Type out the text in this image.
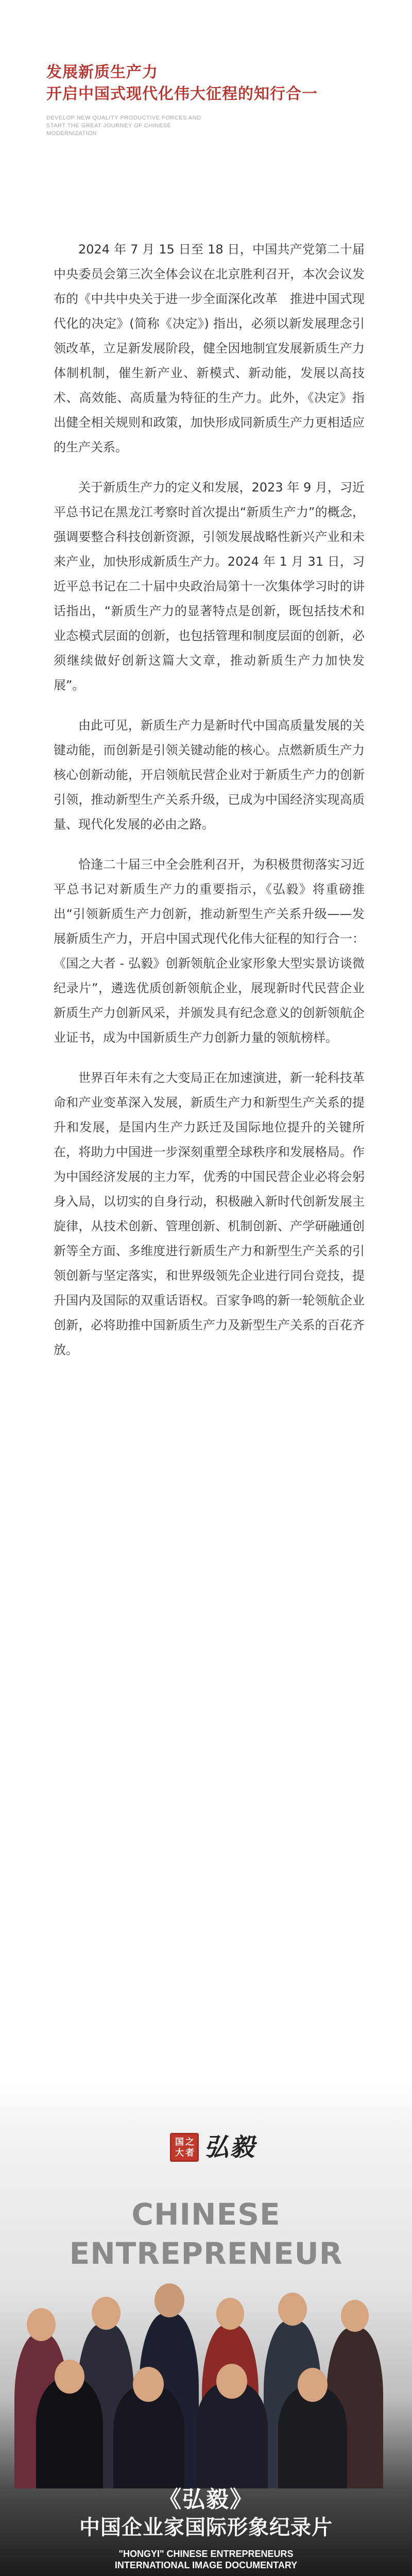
发展新质生产力
开启中国式现代化伟大征程的知行合一
DEVELOP NEW QUALITY PRODUCTIVE FORCES AND START THE GREAT JOURNEY OF CHINESE MODERNIZATION

2024 年 7 月 15 日至 18 日，中国共产党第二十届中央委员会第三次全体会议在北京胜利召开，本次会议发布的《中共中央关于进一步全面深化改革　推进中国式现代化的决定》(简称《决定》) 指出，必须以新发展理念引领改革，立足新发展阶段，健全因地制宜发展新质生产力体制机制，催生新产业、新模式、新动能，发展以高技术、高效能、高质量为特征的生产力。此外，《决定》指出健全相关规则和政策，加快形成同新质生产力更相适应的生产关系。

关于新质生产力的定义和发展，2023 年 9 月，习近平总书记在黑龙江考察时首次提出“新质生产力”的概念，强调要整合科技创新资源，引领发展战略性新兴产业和未来产业，加快形成新质生产力。2024 年 1 月 31 日，习近平总书记在二十届中央政治局第十一次集体学习时的讲话指出，“新质生产力的显著特点是创新，既包括技术和业态模式层面的创新，也包括管理和制度层面的创新，必须继续做好创新这篇大文章，推动新质生产力加快发展”。

由此可见，新质生产力是新时代中国高质量发展的关键动能，而创新是引领关键动能的核心。点燃新质生产力核心创新动能，开启领航民营企业对于新质生产力的创新引领，推动新型生产关系升级，已成为中国经济实现高质量、现代化发展的必由之路。

恰逢二十届三中全会胜利召开，为积极贯彻落实习近平总书记对新质生产力的重要指示，《弘毅》将重磅推出“引领新质生产力创新，推动新型生产关系升级——发展新质生产力，开启中国式现代化伟大征程的知行合一：《国之大者 - 弘毅》创新领航企业家形象大型实景访谈微纪录片”，遴选优质创新领航企业，展现新时代民营企业新质生产力创新风采，并颁发具有纪念意义的创新领航企业证书，成为中国新质生产力创新力量的领航榜样。

世界百年未有之大变局正在加速演进，新一轮科技革命和产业变革深入发展，新质生产力和新型生产关系的提升和发展，是国内生产力跃迁及国际地位提升的关键所在，将助力中国进一步深刻重塑全球秩序和发展格局。作为中国经济发展的主力军，优秀的中国民营企业必将会躬身入局，以切实的自身行动，积极融入新时代创新发展主旋律，从技术创新、管理创新、机制创新、产学研融通创新等全方面、多维度进行新质生产力和新型生产关系的引领创新与坚定落实，和世界级领先企业进行同台竞技，提升国内及国际的双重话语权。百家争鸣的新一轮领航企业创新，必将助推中国新质生产力及新型生产关系的百花齐放。

国 之
大 者 弘毅
CHINESE ENTREPRENEUR
《弘毅》
中国企业家国际形象纪录片
"HONGYI" CHINESE ENTREPRENEURS
INTERNATIONAL IMAGE DOCUMENTARY
